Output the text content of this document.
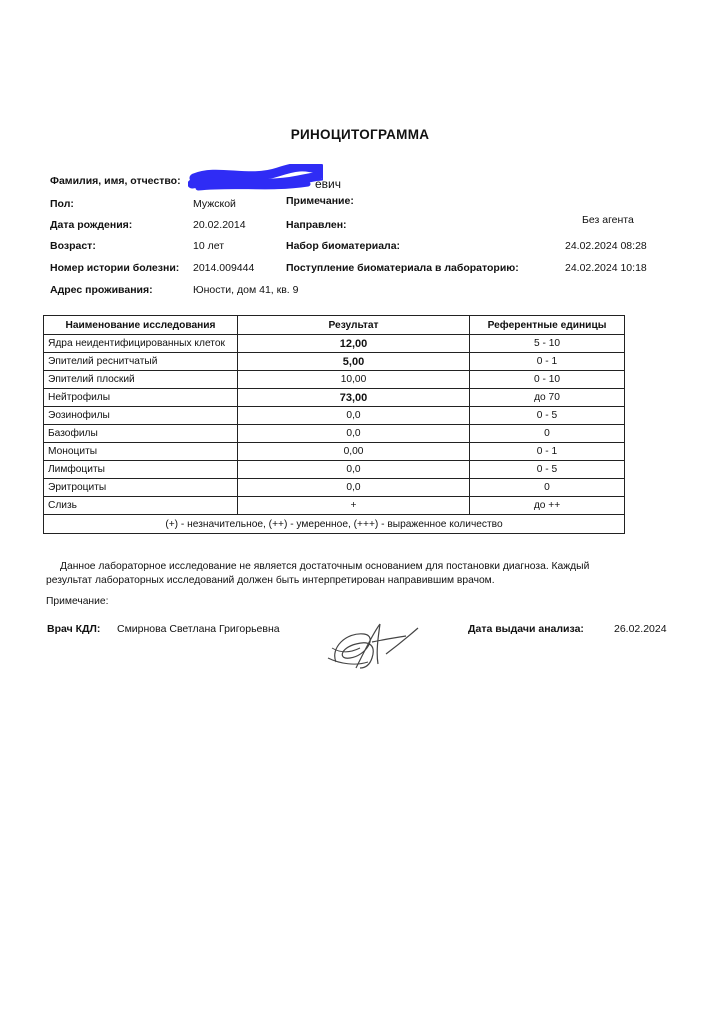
РИНОЦИТОГРАММА
Фамилия, имя, отчество:	евич
Пол:	Мужской
Дата рождения:	20.02.2014
Возраст:	10 лет
Номер истории болезни: 2014.009444
Адрес проживания:	Юности, дом 41, кв. 9
Примечание:
Направлен:	Без агента
Набор биоматериала:	24.02.2024 08:28
Поступление биоматериала в лабораторию:	24.02.2024 10:18
Наименование исследования	Результат	Референтные единицы
Ядра неидентифицированных клеток	12,00	5 - 10
Эпителий реснитчатый	5,00	0 - 1
Эпителий плоский	10,00	0 - 10
Нейтрофилы	73,00	до 70
Эозинофилы	0,0	0 - 5
Базофилы	0,0	0
Моноциты	0,00	0 - 1
Лимфоциты	0,0	0 - 5
Эритроциты	0,0	0
Слизь	+	до ++
(+) - незначительное, (++) - умеренное, (+++) - выраженное количество		
Данное лабораторное исследование не является достаточным основанием для постановки диагноза. Каждый
результат лабораторных исследований должен быть интерпретирован направившим врачом.
Примечание:
Врач КДЛ: Смирнова Светлана Григорьевна	Дата выдачи анализа:	26.02.2024
